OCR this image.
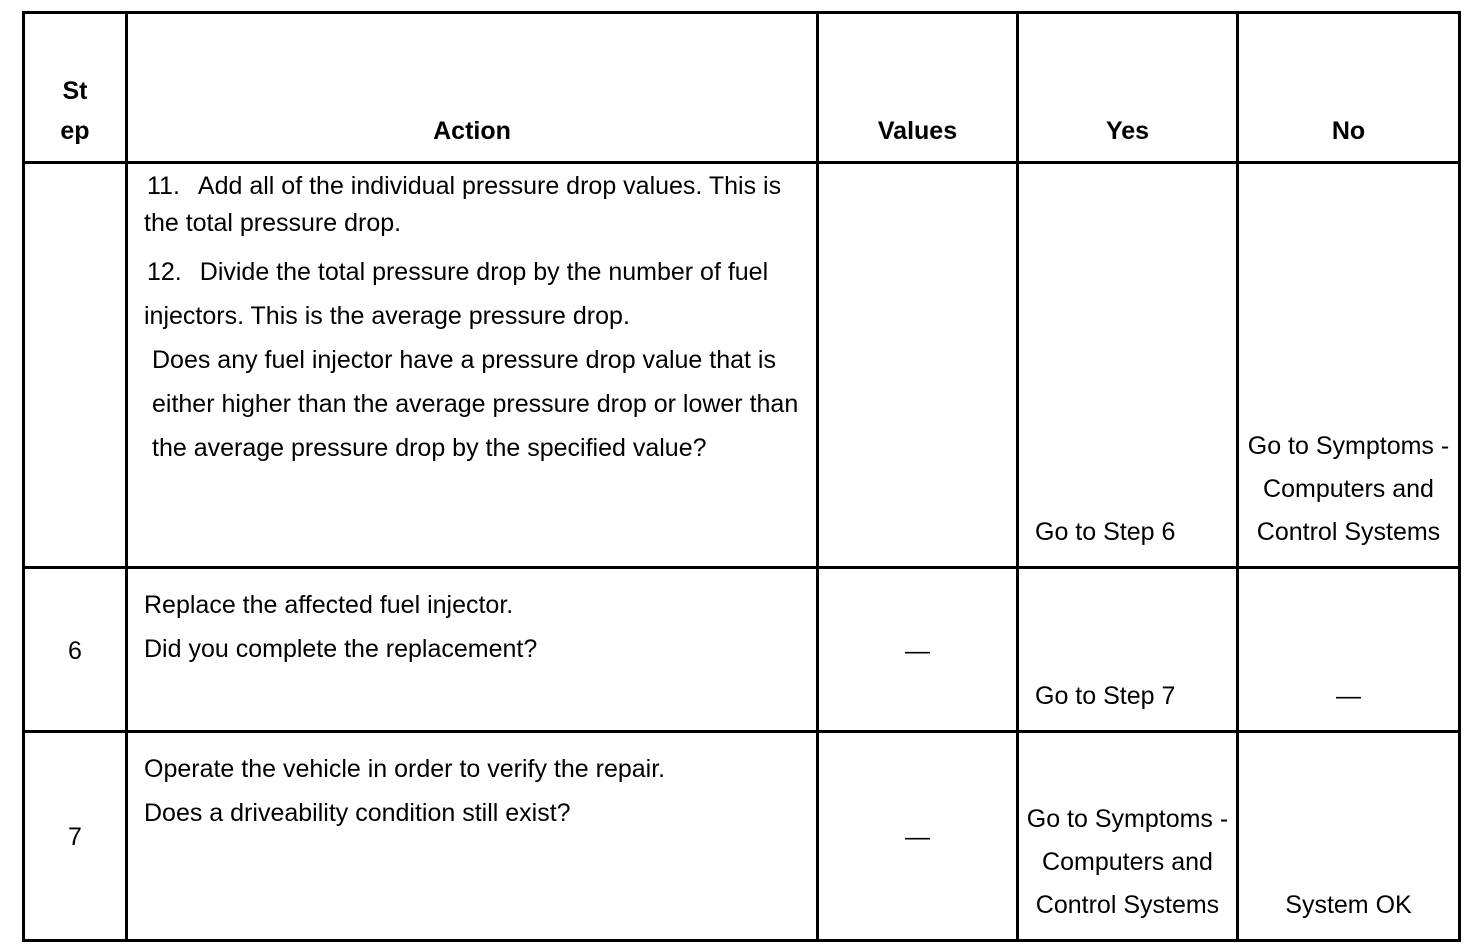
St
ep	Action	Values	Yes	No

	11. Add all of the individual pressure drop values. This is the total pressure drop.

12. Divide the total pressure drop by the number of fuel injectors. This is the average pressure drop.

Does any fuel injector have a pressure drop value that is either higher than the average pressure drop or lower than the average pressure drop by the specified value?		Go to Step 6	Go to Symptoms - Computers and Control Systems

6	Replace the affected fuel injector.

Did you complete the replacement?	—	Go to Step 7	—

7	Operate the vehicle in order to verify the repair.

Does a driveability condition still exist?	—	Go to Symptoms - Computers and Control Systems	System OK
